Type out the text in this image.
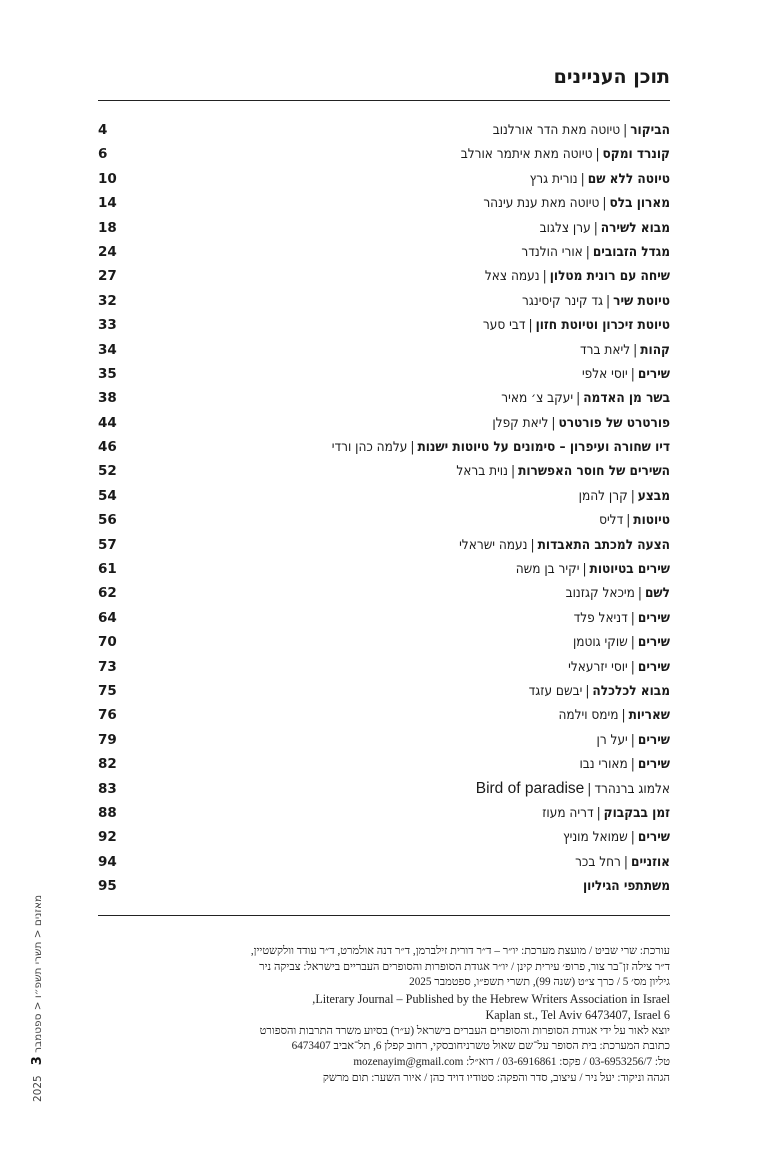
תוכן העניינים
הביקור|טיוטה מאת הדר אורלנוב
4
קונרד ומקס|טיוטה מאת איתמר אורלב
6
טיוטה ללא שם|נורית גרץ
10
מארון בלס|טיוטה מאת ענת עינהר
14
מבוא לשירה|ערן צלגוב
18
מגדל הזבובים|אורי הולנדר
24
שיחה עם רונית מטלון|נעמה צאל
27
טיוטת שיר|גד קינר קיסינגר
32
טיוטת זיכרון וטיוטת חזון|דבי סער
33
קהות|ליאת ברד
34
שירים|יוסי אלפי
35
בשר מן האדמה|יעקב צ׳ מאיר
38
פורטרט של פורטרט|ליאת קפלן
44
דיו שחורה ועיפרון – סימונים על טיוטות ישנות|עלמה כהן ורדי
46
השירים של חוסר האפשרות|נוית בראל
52
מבצע|קרן להמן
54
טיוטות|דליס
56
הצעה למכתב התאבדות|נעמה ישראלי
57
שירים בטיוטות|יקיר בן משה
61
לשם|מיכאל קגזנוב
62
שירים|דניאל פלד
64
שירים|שוקי גוטמן
70
שירים|יוסי יזרעאלי
73
מבוא לכלכלה|יבשם עזגד
75
שאריות|מימס וילמה
76
שירים|יעל רן
79
שירים|מאורי נבו
82
Bird of paradise | אלמוג ברנהרד
83
זמן בבקבוק|דריה מעוז
88
שירים|שמואל מוניץ
92
אוזניים|רחל בכר
94
משתתפי הגיליון
95
עורכת: שרי שביט / מועצת מערכת: יו״ר – ד״ר דורית זילברמן, ד״ר דנה אולמרט, ד״ר עודד וולקשטיין,
ד״ר צילה זן־בר צור, פרופ׳ עירית קינן / יו״ר אגודת הסופרות והסופרים העבריים בישראל: צביקה ניר
גיליון מס׳ 5 / כרך צ״ט (שנה 99), תשרי תשפ״ו, ספטמבר 2025
Literary Journal – Published by the Hebrew Writers Association in Israel,
6 Kaplan st., Tel Aviv 6473407, Israel
יוצא לאור על ידי אגודת הסופרות והסופרים העברים בישראל (ע״ר) בסיוע משרד התרבות והספורט
כתובת המערכת: בית הסופר על־שם שאול טשרניחובסקי, רחוב קפלן 6, תל־אביב 6473407
טל: 03-6953256/7 / פקס: 03-6916861 / דוא״ל: mozenayim@gmail.com
הגהה וניקוד: יעל ניר / עיצוב, סדר והפקה: סטודיו דויד כהן / איור השער: תום מרשק
מאזנים < תשרי תשפ״ו < ספטמבר 20253
